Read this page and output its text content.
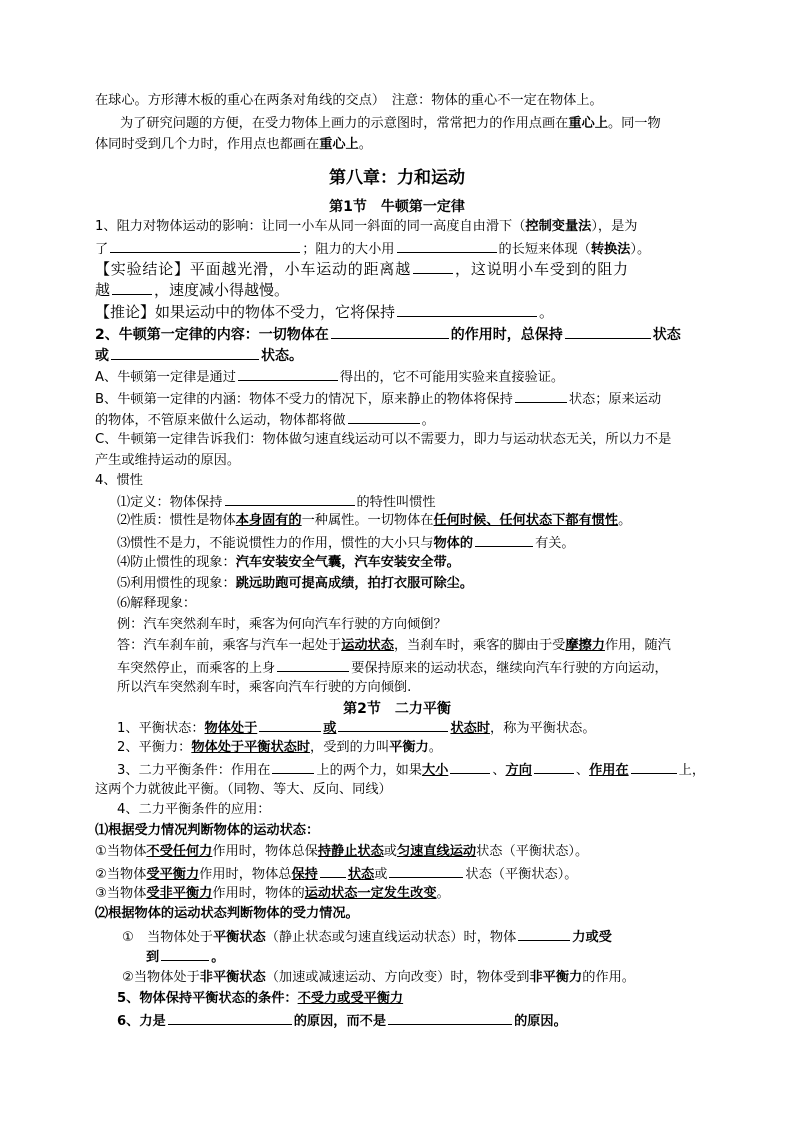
在球心。方形薄木板的重心在两条对角线的交点）　注意：物体的重心不一定在物体上。
为了研究问题的方便，在受力物体上画力的示意图时，常常把力的作用点画在重心上。同一物
体同时受到几个力时，作用点也都画在重心上。
第八章：力和运动
第1节　牛顿第一定律
1、阻力对物体运动的影响：让同一小车从同一斜面的同一高度自由滑下（控制变量法），是为
了	；阻力的大小用	的长短来体现（转换法）。
【实验结论】平面越光滑，小车运动的距离越	，这说明小车受到的阻力
越	，速度减小得越慢。
【推论】如果运动中的物体不受力，它将保持	。
2、牛顿第一定律的内容：一切物体在	的作用时，总保持	状态
或	状态。
A、牛顿第一定律是通过	得出的，它不可能用实验来直接验证。
B、牛顿第一定律的内涵：物体不受力的情况下，原来静止的物体将保持	状态；原来运动
的物体，不管原来做什么运动，物体都将做	。
C、牛顿第一定律告诉我们：物体做匀速直线运动可以不需要力，即力与运动状态无关，所以力不是
产生或维持运动的原因。
4、惯性
⑴定义：物体保持	的特性叫惯性
⑵性质：惯性是物体本身固有的一种属性。一切物体在任何时候、任何状态下都有惯性。
⑶惯性不是力，不能说惯性力的作用，惯性的大小只与物体的	有关。
⑷防止惯性的现象：汽车安装安全气囊，汽车安装安全带。
⑸利用惯性的现象：跳远助跑可提高成绩，拍打衣服可除尘。
⑹解释现象：
例：汽车突然刹车时，乘客为何向汽车行驶的方向倾倒？
答：汽车刹车前，乘客与汽车一起处于运动状态，当刹车时，乘客的脚由于受摩擦力作用，随汽
车突然停止，而乘客的上身	要保持原来的运动状态，继续向汽车行驶的方向运动，
所以汽车突然刹车时，乘客向汽车行驶的方向倾倒.
第2节　二力平衡
1、平衡状态：物体处于	或	状态时，称为平衡状态。
2、平衡力：物体处于平衡状态时，受到的力叫平衡力。
3、二力平衡条件：作用在	上的两个力，如果大小	、方向	、作用在	上，
这两个力就彼此平衡。（同物、等大、反向、同线）
4、二力平衡条件的应用：
⑴根据受力情况判断物体的运动状态：
①当物体不受任何力作用时，物体总保持静止状态或匀速直线运动状态（平衡状态）。
②当物体受平衡力作用时，物体总保持 状态或	状态（平衡状态）。
③当物体受非平衡力作用时，物体的运动状态一定发生改变。
⑵根据物体的运动状态判断物体的受力情况。
①　当物体处于平衡状态（静止状态或匀速直线运动状态）时，物体	力或受
到	。
②当物体处于非平衡状态（加速或减速运动、方向改变）时，物体受到非平衡力的作用。
5、物体保持平衡状态的条件：不受力或受平衡力
6、力是	的原因，而不是	的原因。
